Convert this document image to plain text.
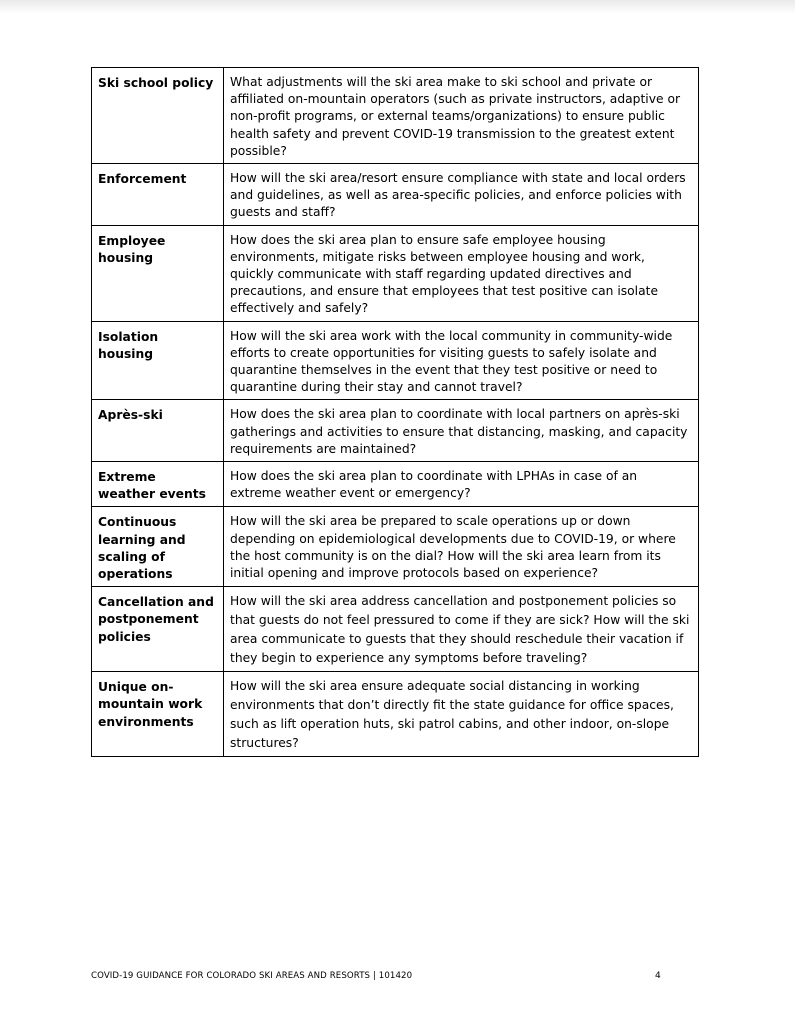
Ski school policy	What adjustments will the ski area make to ski school and private or affiliated on-mountain operators (such as private instructors, adaptive or non-profit programs, or external teams/organizations) to ensure public health safety and prevent COVID-19 transmission to the greatest extent possible?
Enforcement	How will the ski area/resort ensure compliance with state and local orders and guidelines, as well as area-specific policies, and enforce policies with guests and staff?
Employee housing	How does the ski area plan to ensure safe employee housing environments, mitigate risks between employee housing and work, quickly communicate with staff regarding updated directives and precautions, and ensure that employees that test positive can isolate effectively and safely?
Isolation housing	How will the ski area work with the local community in community-wide efforts to create opportunities for visiting guests to safely isolate and quarantine themselves in the event that they test positive or need to quarantine during their stay and cannot travel?
Après-ski	How does the ski area plan to coordinate with local partners on après-ski gatherings and activities to ensure that distancing, masking, and capacity requirements are maintained?
Extreme weather events	How does the ski area plan to coordinate with LPHAs in case of an extreme weather event or emergency?
Continuous learning and scaling of operations	How will the ski area be prepared to scale operations up or down depending on epidemiological developments due to COVID-19, or where the host community is on the dial? How will the ski area learn from its initial opening and improve protocols based on experience?
Cancellation and postponement policies	How will the ski area address cancellation and postponement policies so that guests do not feel pressured to come if they are sick? How will the ski area communicate to guests that they should reschedule their vacation if they begin to experience any symptoms before traveling?
Unique on-mountain work environments	How will the ski area ensure adequate social distancing in working environments that don’t directly fit the state guidance for office spaces, such as lift operation huts, ski patrol cabins, and other indoor, on-slope structures?
COVID-19 GUIDANCE FOR COLORADO SKI AREAS AND RESORTS | 101420	4
